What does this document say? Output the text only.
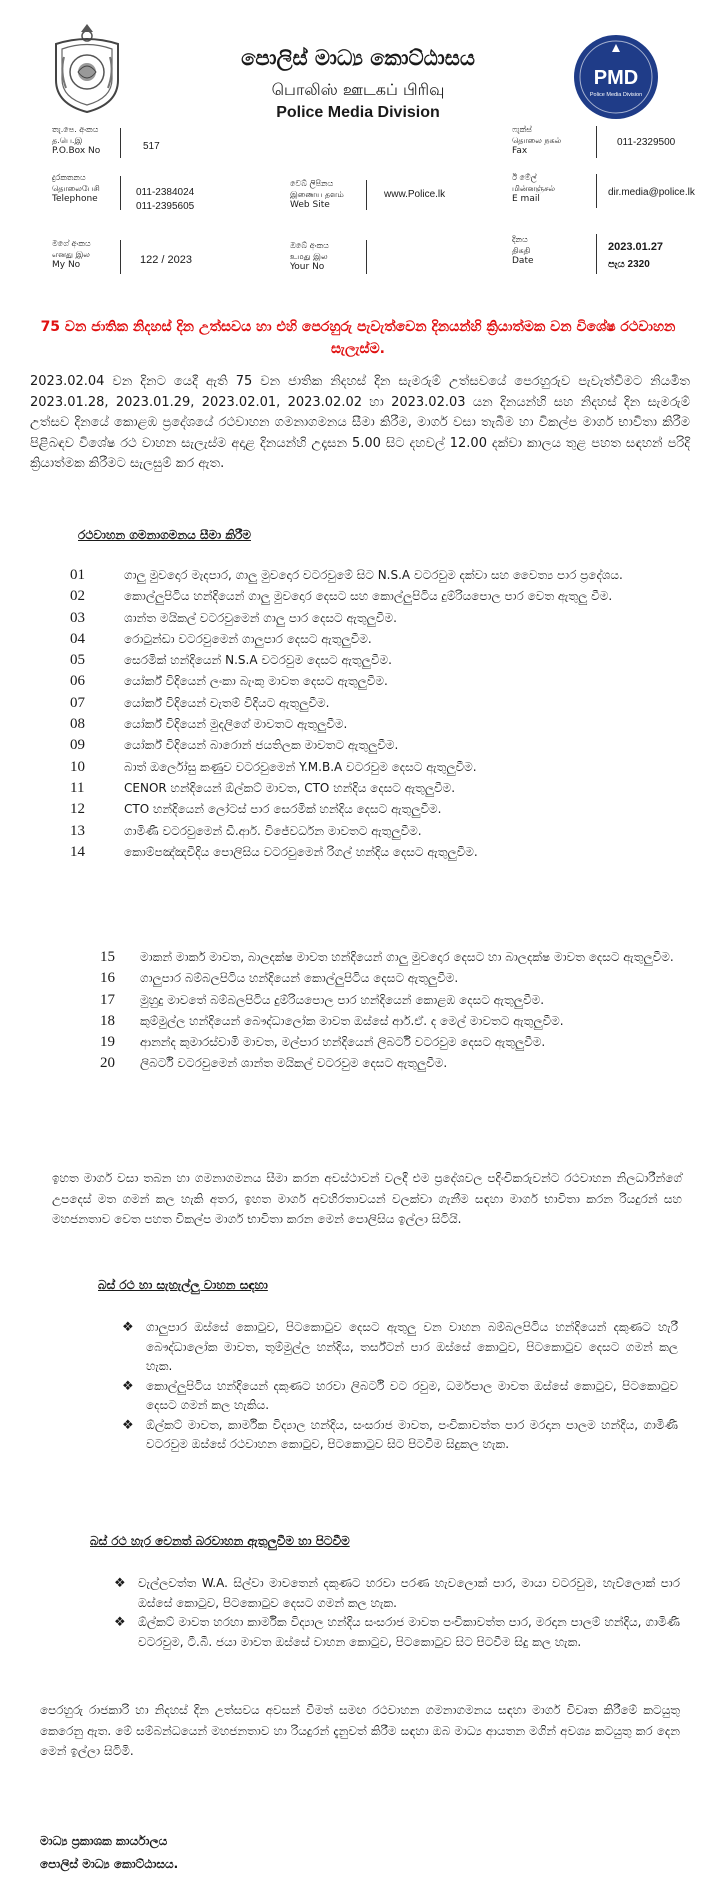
පොලිස් මාධ්‍ය කොට්ඨාසය
பொலிஸ் ஊடகப் பிரிவு
Police Media Division
PMD
Police Media Division
තැ.පෙ. අංකය
த.பெ.இ
P.O.Box No	517
දුරකතනය
தொலைபேசி
Telephone
011-2384024
011-2395605
වෙබ් ලිපිනය
இணைய தளம்
Web Site
www.Police.lk
ෆැක්ස්
தொலை நகல்
Fax
011-2329500
ඊ මේල්
மின்னஞ்சல்
E mail
dir.media@police.lk
මගේ අංකය
எனது இல
My No	122 / 2023
ඔබේ අංකය
உமது இல
Your No
දිනය
திகதி
Date
2023.01.27
පැය 2320
75 වන ජාතික නිදහස් දින උත්සවය හා එහි පෙරහුරු පැවැත්වෙන දිනයන්හි ක්‍රියාත්මක වන විශේෂ රථවාහන සැලැස්ම.
2023.02.04 වන දිනට යෙදී ඇති 75 වන ජාතික නිදහස් දින සැමරුම් උත්සවයේ පෙරහුරුව පැවැත්වීමට නියමිත 2023.01.28, 2023.01.29, 2023.02.01, 2023.02.02 හා 2023.02.03 යන දිනයන්හි සහ නිදහස් දින සැමරුම් උත්සව දිනයේ කොළඹ ප්‍රදේශයේ රථවාහන ගමනාගමනය සීමා කිරීම, මාර්ග වසා තැබීම හා විකල්ප මාර්ග භාවිතා කිරීම පිළිබඳව විශේෂ රථ වාහන සැලැස්ම අදාළ දිනයන්හි උදෑසන 5.00 සිට දහවල් 12.00 දක්වා කාලය තුළ පහත සඳහන් පරිදි ක්‍රියාත්මක කිරීමට සැලසුම් කර ඇත.
රථවාහන ගමනාගමනය සීමා කිරීම
01	ගාලු මුවදොර මැදපාර, ගාලු මුවදොර වටරවුමේ සිට N.S.A වටරවුම දක්වා සහ වෛත්‍ය පාර ප්‍රදේශය.
02	කොල්ලුපිටිය හන්දියෙන් ගාලු මුවදොර දෙසට සහ කොල්ලුපිටිය දුම්රියපොල පාර වෙත ඇතුලු වීම.
03	ශාන්ත මයිකල් වටරවුමෙන් ගාලු පාර දෙසට ඇතුලුවීම.
04	රොටුන්ඩා වටරවුමෙන් ගාලුපාර දෙසට ඇතුලුවීම.
05	සෙරමික් හන්දියෙන් N.S.A වටරවුම දෙසට ඇතුලුවීම.
06	යෝර්ක් විදියෙන් ලංකා බැංකු මාවත දෙසට ඇතුලුවීම.
07	යෝර්ක් විදියෙන් චැතම් විදියට ඇතුලුවීම.
08	යෝර්ක් විදියෙන් මුදලිගේ මාවතට ඇතුලුවීම.
09	යෝර්ක් විදියෙන් බාරොන් ජයතිලක මාවතට ඇතුලුවීම.
10	බාත් ඔර්ලෝසු කණුව වටරවුමෙන් Y.M.B.A වටරවුම දෙසට ඇතුලුවීම.
11	CENOR හන්දියෙන් ඕල්කට් මාවත, CTO හන්දිය දෙසට ඇතුලුවීම.
12	CTO හන්දියෙන් ලෝටස් පාර සෙරමික් හන්දිය දෙසට ඇතුලුවීම.
13	ගාමිණී වටරවුමෙන් ඩී.ආර්. විජේවර්ධන මාවතට ඇතුලුවීම.
14	කොම්පඤ්ඤවීදිය පොලිසිය වටරවුමෙන් රිගල් හන්දිය දෙසට ඇතුලුවීම.
15	මාකන් මාකර් මාවත, බාලදක්ෂ මාවත හන්දියෙන් ගාලු මුවදොර දෙසට හා බාලදක්ෂ මාවත දෙසට ඇතුලුවීම.
16	ගාලුපාර බම්බලපිටිය හන්දියෙන් කොල්ලුපිටිය දෙසට ඇතුලුවීම.
17	මුහුදු මාවතේ බම්බලපිටිය දුම්රියපොල පාර හන්දියෙන් කොළඹ දෙසට ඇතුලුවීම.
18	කුම්මුල්ල හන්දියෙන් බෞද්ධාලෝක මාවත ඔස්සේ ආර්.ඒ. ද මෙල් මාවතට ඇතුලුවීම.
19	ආනන්ද කුමාරස්වාමි මාවත, මල්පාර හන්දියෙන් ලිබර්ටි වටරවුම දෙසට ඇතුලුවීම.
20	ලිබර්ටි වටරවුමෙන් ශාන්ත මයිකල් වටරවුම දෙසට ඇතුලුවීම.
ඉහත මාර්ග වසා තබන හා ගමනාගමනය සීමා කරන අවස්ථාවන් වලදී එම ප්‍රදේශවල පදිංචිකරුවන්ට රථවාහන නිලධාරීන්ගේ උපදෙස් මත ගමන් කල හැකි අතර, ඉහත මාර්ග අවහිරතාවයන් වලක්වා ගැනීම සඳහා මාර්ග භාවිතා කරන රියදුරන් සහ මහජනතාව වෙත පහත විකල්ප මාර්ග භාවිතා කරන මෙන් පොලිසිය ඉල්ලා සිටියි.
බස් රථ හා සැහැල්ලු වාහන සඳහා
❖	ගාලුපාර ඔස්සේ කොටුව, පිටකොටුව දෙසට ඇතුලු වන වාහන බම්බලපිටිය හන්දියෙන් දකුණට හැරී බෞද්ධාලෝක මාවත, තුම්මුල්ල හන්දිය, තර්ස්ටන් පාර ඔස්සේ කොටුව, පිටකොටුව දෙසට ගමන් කල හැක.
❖	කොල්ලුපිටිය හන්දියෙන් දකුණට හරවා ලිබර්ටි වට රවුම, ධර්මපාල මාවත ඔස්සේ කොටුව, පිටකොටුව දෙසට ගමන් කල හැකිය.
❖	ඕල්කට් මාවත, කාර්මික විද්‍යාල හන්දිය, සංසරාජ මාවත, පංචිකාවත්ත පාර මරදාන පාලම හන්දිය, ගාමිණී වටරවුම ඔස්සේ රථවාහන කොටුව, පිටකොටුව සිට පිටවීම සිදුකල හැක.
බස් රථ හැර වෙනත් බරවාහන ඇතුලුවීම හා පිටවීම
❖	වැල්ලවත්ත W.A. සිල්වා මාවතෙන් දකුණට හරවා පරණ හැවලොක් පාර, මායා වටරවුම, හැව්ලොක් පාර ඔස්සේ කොටුව, පිටකොටුව දෙසට ගමන් කල හැක.
❖	ඕල්කට් මාවත හරහා කාර්මික විද්‍යාල හන්දිය සංසරාජ මාවත පංචිකාවත්ත පාර, මරදාන පාලම් හන්දිය, ගාමිණී වටරවුම, ටී.බී. ජයා මාවත ඔස්සේ වාහන කොටුව, පිටකොටුව සිට පිටවීම සිදු කල හැක.
පෙරහුරු රාජකාරි හා නිදහස් දින උත්සවය අවසන් වීමත් සමඟ රථවාහන ගමනාගමනය සඳහා මාර්ග විවෘත කිරීමේ කටයුතු කෙරෙනු ඇත. මේ සම්බන්ධයෙන් මහජනතාව හා රියදුරන් දැනුවත් කිරීම සඳහා ඔබ මාධ්‍ය ආයතන මගින් අවශ්‍ය කටයුතු කර දෙන මෙන් ඉල්ලා සිටිමි.
මාධ්‍ය ප්‍රකාශක කාර්යාලය
පොලිස් මාධ්‍ය කොට්ඨාසය.
